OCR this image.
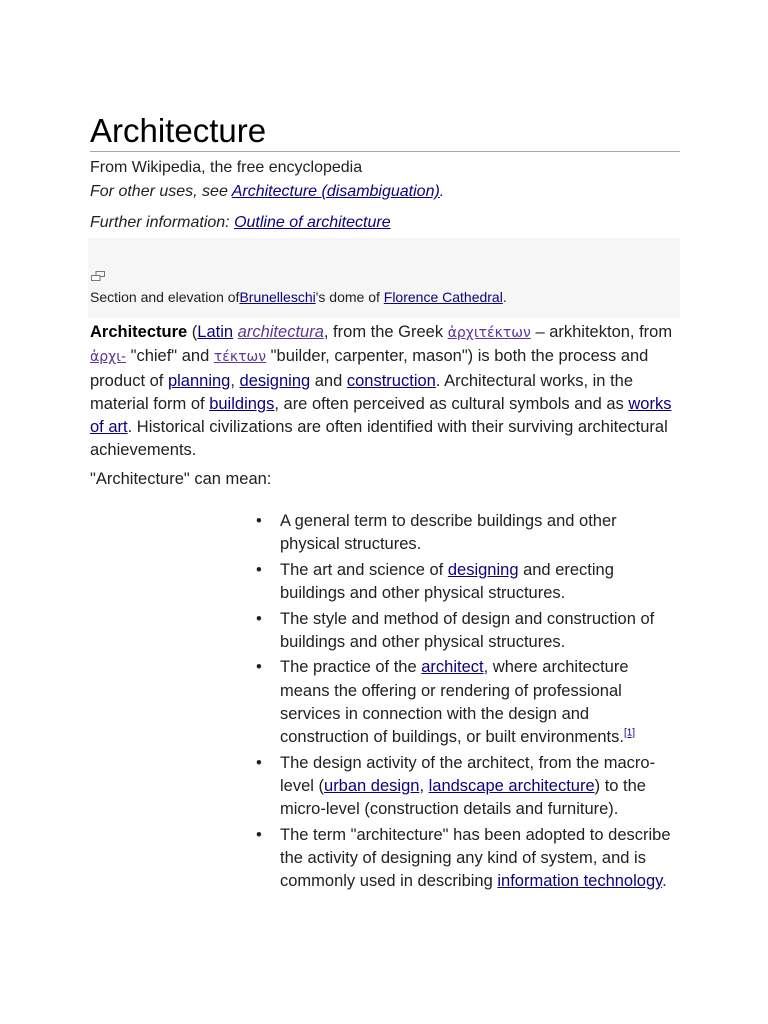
Architecture
From Wikipedia, the free encyclopedia
For other uses, see Architecture (disambiguation).
Further information: Outline of architecture
Section and elevation ofBrunelleschi's dome of Florence Cathedral.

Architecture (Latin architectura, from the Greek ἀρχιτέκτων – arkhitekton, from ἀρχι- "chief" and τέκτων "builder, carpenter, mason") is both the process and product of planning, designing and construction. Architectural works, in the material form of buildings, are often perceived as cultural symbols and as works of art. Historical civilizations are often identified with their surviving architectural achievements.

"Architecture" can mean:

• A general term to describe buildings and other physical structures.
• The art and science of designing and erecting buildings and other physical structures.
• The style and method of design and construction of buildings and other physical structures.
• The practice of the architect, where architecture means the offering or rendering of professional services in connection with the design and construction of buildings, or built environments.[1]
• The design activity of the architect, from the macro-level (urban design, landscape architecture) to the micro-level (construction details and furniture).
• The term "architecture" has been adopted to describe the activity of designing any kind of system, and is commonly used in describing information technology.
